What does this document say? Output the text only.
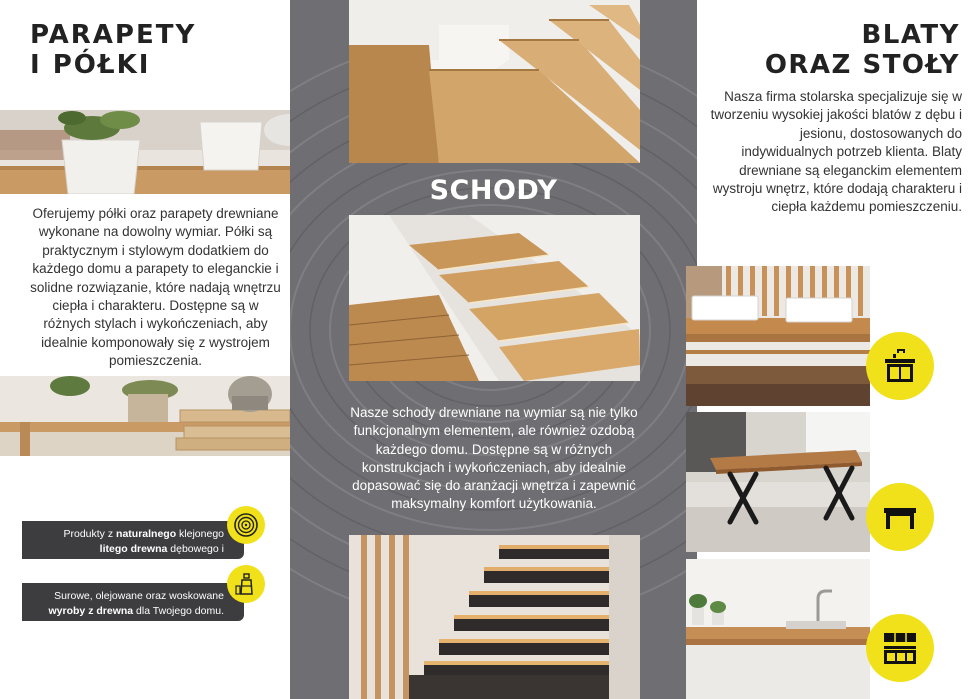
PARAPETY
I PÓŁKI
Oferujemy półki oraz parapety drewniane wykonane na dowolny wymiar. Półki są praktycznym i stylowym dodatkiem do każdego domu a parapety to eleganckie i solidne rozwiązanie, które nadają wnętrzu ciepła i charakteru. Dostępne są w różnych stylach i wykończeniach, aby idealnie komponowały się z wystrojem pomieszczenia.
Produkty z naturalnego klejonego
litego drewna dębowego i jesionowego.
Surowe, olejowane oraz woskowane
wyroby z drewna dla Twojego domu.
SCHODY
Nasze schody drewniane na wymiar są nie tylko funkcjonalnym elementem, ale również ozdobą każdego domu. Dostępne są w różnych konstrukcjach i wykończeniach, aby idealnie dopasować się do aranżacji wnętrza i zapewnić maksymalny komfort użytkowania.
BLATY
ORAZ STOŁY
Nasza firma stolarska specjalizuje się w tworzeniu wysokiej jakości blatów z dębu i jesionu, dostosowanych do indywidualnych potrzeb klienta. Blaty drewniane są eleganckim elementem wystroju wnętrz, które dodają charakteru i ciepła każdemu pomieszczeniu.
